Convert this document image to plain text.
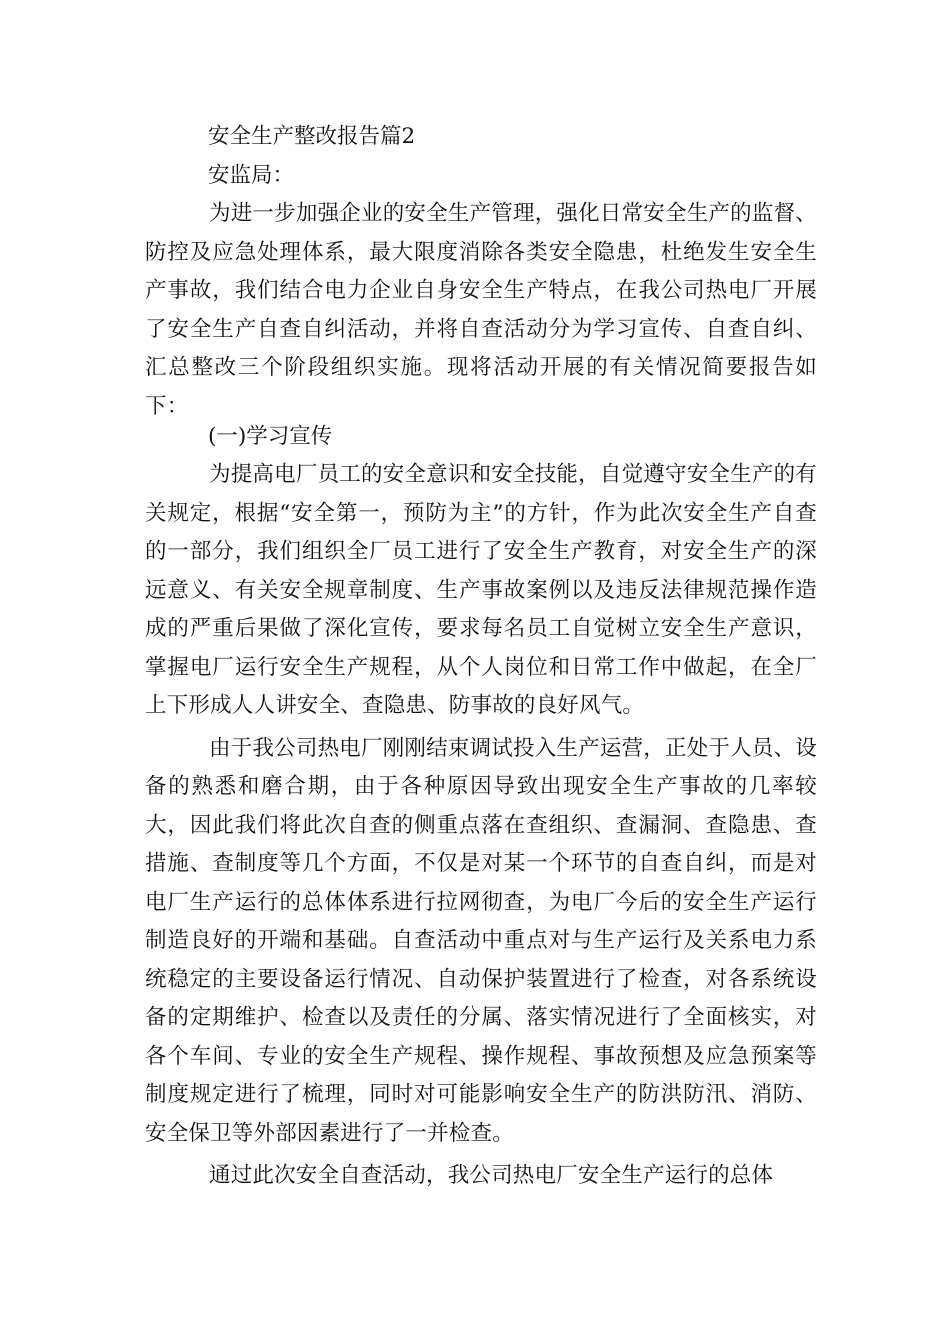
安全生产整改报告篇2
安监局：

为进一步加强企业的安全生产管理，强化日常安全生产的监督、防控及应急处理体系，最大限度消除各类安全隐患，杜绝发生安全生产事故，我们结合电力企业自身安全生产特点，在我公司热电厂开展了安全生产自查自纠活动，并将自查活动分为学习宣传、自查自纠、汇总整改三个阶段组织实施。现将活动开展的有关情况简要报告如下：

(一)学习宣传

为提高电厂员工的安全意识和安全技能，自觉遵守安全生产的有关规定，根据“安全第一，预防为主”的方针，作为此次安全生产自查的一部分，我们组织全厂员工进行了安全生产教育，对安全生产的深远意义、有关安全规章制度、生产事故案例以及违反法律规范操作造成的严重后果做了深化宣传，要求每名员工自觉树立安全生产意识，掌握电厂运行安全生产规程，从个人岗位和日常工作中做起，在全厂上下形成人人讲安全、查隐患、防事故的良好风气。

由于我公司热电厂刚刚结束调试投入生产运营，正处于人员、设备的熟悉和磨合期，由于各种原因导致出现安全生产事故的几率较大，因此我们将此次自查的侧重点落在查组织、查漏洞、查隐患、查措施、查制度等几个方面，不仅是对某一个环节的自查自纠，而是对电厂生产运行的总体体系进行拉网彻查，为电厂今后的安全生产运行制造良好的开端和基础。自查活动中重点对与生产运行及关系电力系统稳定的主要设备运行情况、自动保护装置进行了检查，对各系统设备的定期维护、检查以及责任的分属、落实情况进行了全面核实，对各个车间、专业的安全生产规程、操作规程、事故预想及应急预案等制度规定进行了梳理，同时对可能影响安全生产的防洪防汛、消防、安全保卫等外部因素进行了一并检查。

通过此次安全自查活动，我公司热电厂安全生产运行的总体
